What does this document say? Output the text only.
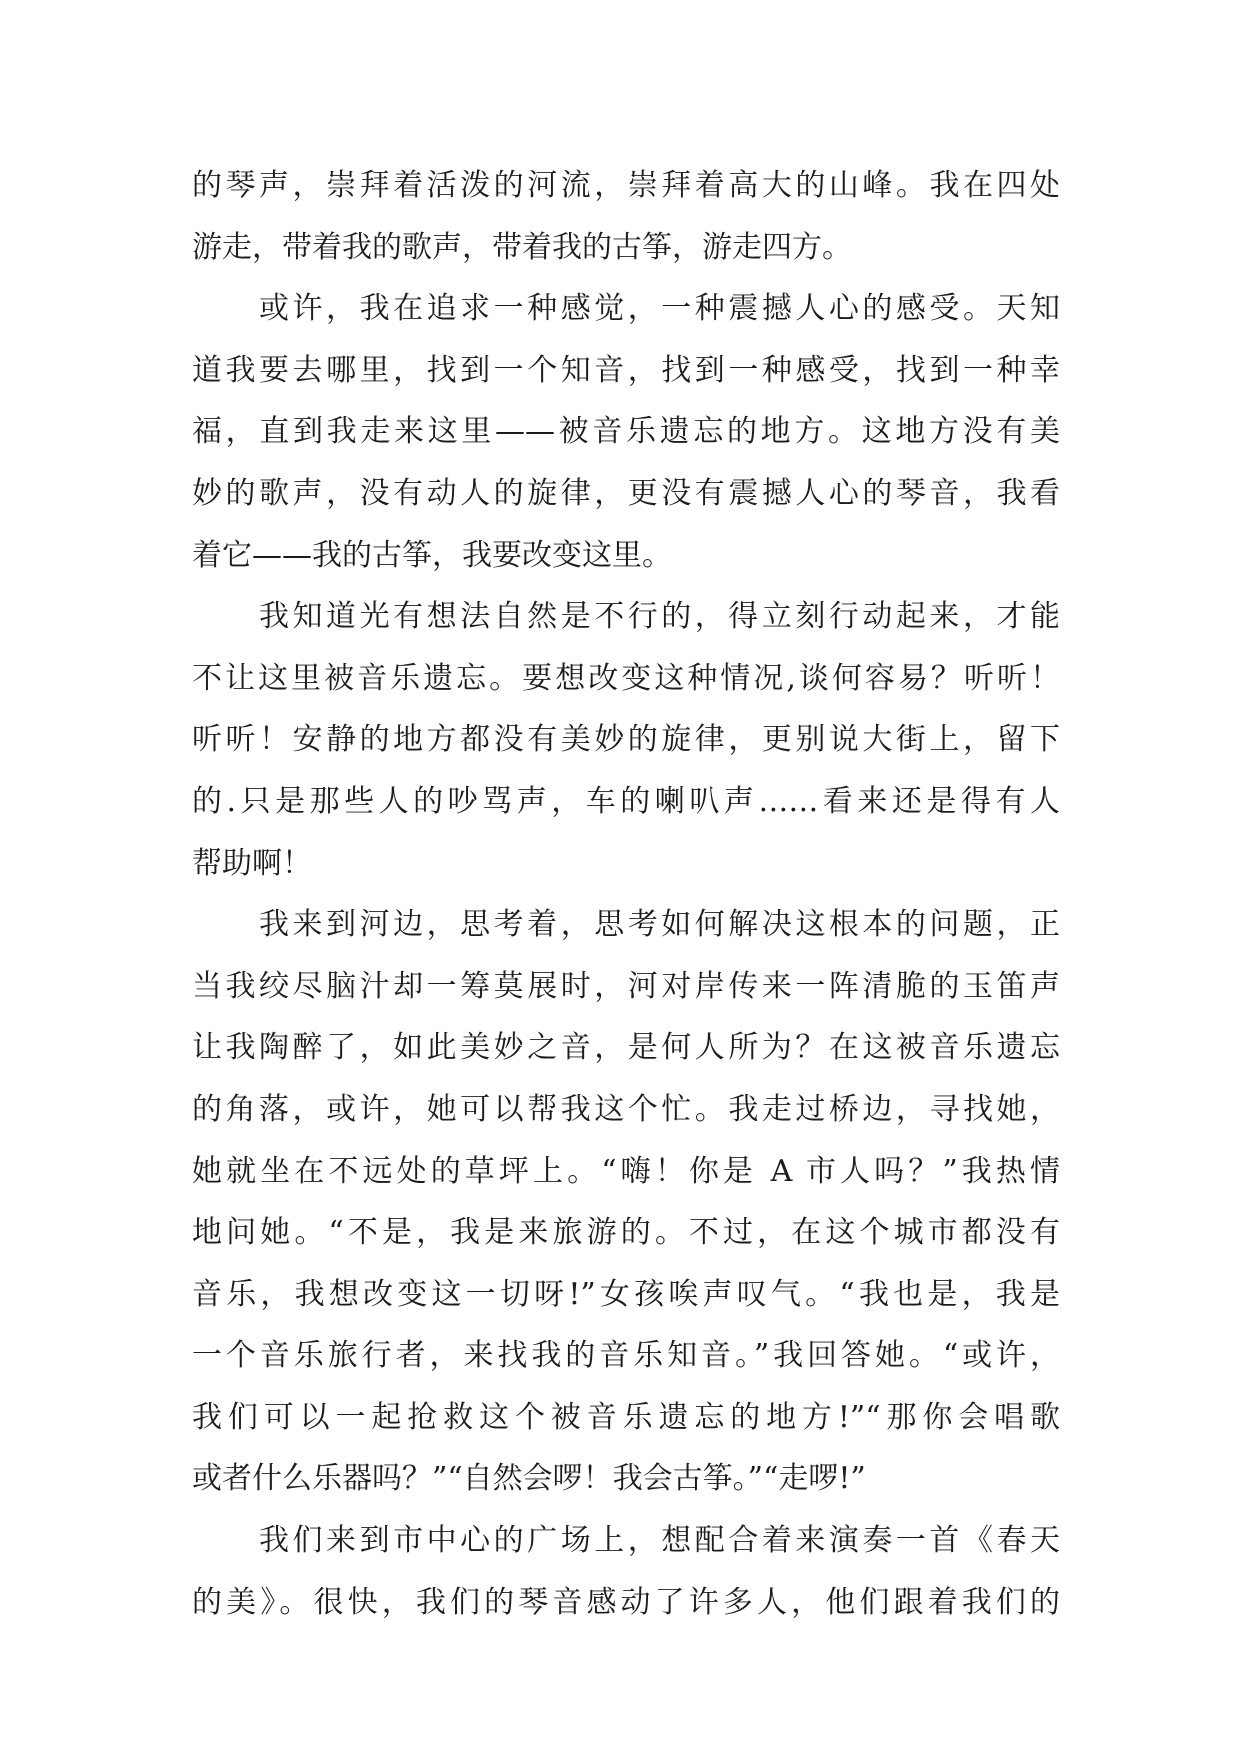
的琴声，崇拜着活泼的河流，崇拜着高大的山峰。我在四处
游走，带着我的歌声，带着我的古筝，游走四方。
或许，我在追求一种感觉，一种震撼人心的感受。天知
道我要去哪里，找到一个知音，找到一种感受，找到一种幸
福，直到我走来这里——被音乐遗忘的地方。这地方没有美
妙的歌声，没有动人的旋律，更没有震撼人心的琴音，我看
着它——我的古筝，我要改变这里。
我知道光有想法自然是不行的，得立刻行动起来，才能
不让这里被音乐遗忘。要想改变这种情况,谈何容易？听听！
听听！安静的地方都没有美妙的旋律，更别说大街上，留下
的.只是那些人的吵骂声，车的喇叭声……看来还是得有人
帮助啊！
我来到河边，思考着，思考如何解决这根本的问题，正
当我绞尽脑汁却一筹莫展时，河对岸传来一阵清脆的玉笛声
让我陶醉了，如此美妙之音，是何人所为？在这被音乐遗忘
的角落，或许，她可以帮我这个忙。我走过桥边，寻找她，
她就坐在不远处的草坪上。“嗨！你是 A 市人吗？”我热情
地问她。“不是，我是来旅游的。不过，在这个城市都没有
音乐，我想改变这一切呀!”女孩唉声叹气。“我也是，我是
一个音乐旅行者，来找我的音乐知音。”我回答她。“或许，
我们可以一起抢救这个被音乐遗忘的地方!”“那你会唱歌
或者什么乐器吗？”“自然会啰！我会古筝。”“走啰!”
我们来到市中心的广场上，想配合着来演奏一首《春天
的美》。很快，我们的琴音感动了许多人，他们跟着我们的
